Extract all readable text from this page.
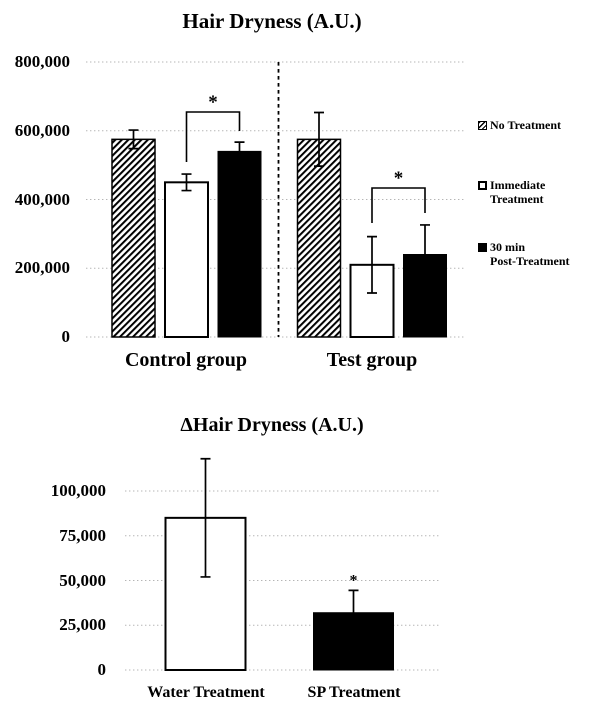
*
*
*
Hair Dryness (A.U.)
0
200,000
400,000
600,000
800,000
Control group	Test group
No Treatment
Immediate
Treatment
30 min
Post-Treatment
ΔHair Dryness (A.U.)
0
25,000
50,000
75,000
100,000
Water Treatment	SP Treatment
